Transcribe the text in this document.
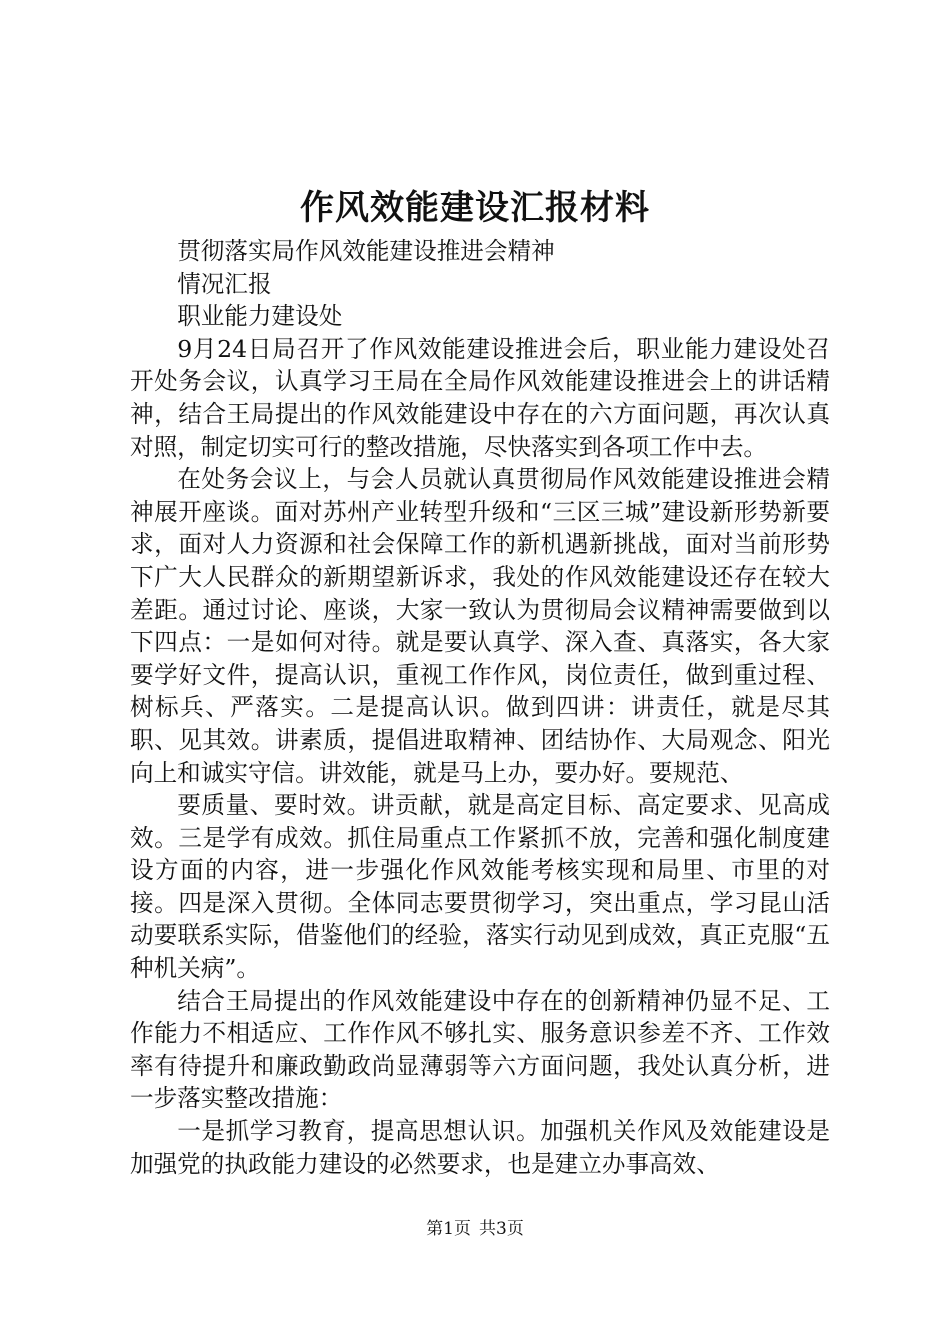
作风效能建设汇报材料

贯彻落实局作风效能建设推进会精神

情况汇报

职业能力建设处

9月24日局召开了作风效能建设推进会后，职业能力建设处召开处务会议，认真学习王局在全局作风效能建设推进会上的讲话精神，结合王局提出的作风效能建设中存在的六方面问题，再次认真对照，制定切实可行的整改措施，尽快落实到各项工作中去。

在处务会议上，与会人员就认真贯彻局作风效能建设推进会精神展开座谈。面对苏州产业转型升级和“三区三城”建设新形势新要求，面对人力资源和社会保障工作的新机遇新挑战，面对当前形势下广大人民群众的新期望新诉求，我处的作风效能建设还存在较大差距。通过讨论、座谈，大家一致认为贯彻局会议精神需要做到以下四点：一是如何对待。就是要认真学、深入查、真落实，各大家要学好文件，提高认识，重视工作作风，岗位责任，做到重过程、树标兵、严落实。二是提高认识。做到四讲：讲责任，就是尽其职、见其效。讲素质，提倡进取精神、团结协作、大局观念、阳光向上和诚实守信。讲效能，就是马上办，要办好。要规范、

要质量、要时效。讲贡献，就是高定目标、高定要求、见高成效。三是学有成效。抓住局重点工作紧抓不放，完善和强化制度建设方面的内容，进一步强化作风效能考核实现和局里、市里的对接。四是深入贯彻。全体同志要贯彻学习，突出重点，学习昆山活动要联系实际，借鉴他们的经验，落实行动见到成效，真正克服“五种机关病”。

结合王局提出的作风效能建设中存在的创新精神仍显不足、工作能力不相适应、工作作风不够扎实、服务意识参差不齐、工作效率有待提升和廉政勤政尚显薄弱等六方面问题，我处认真分析，进一步落实整改措施：

一是抓学习教育，提高思想认识。加强机关作风及效能建设是加强党的执政能力建设的必然要求，也是建立办事高效、

第1页 共3页
